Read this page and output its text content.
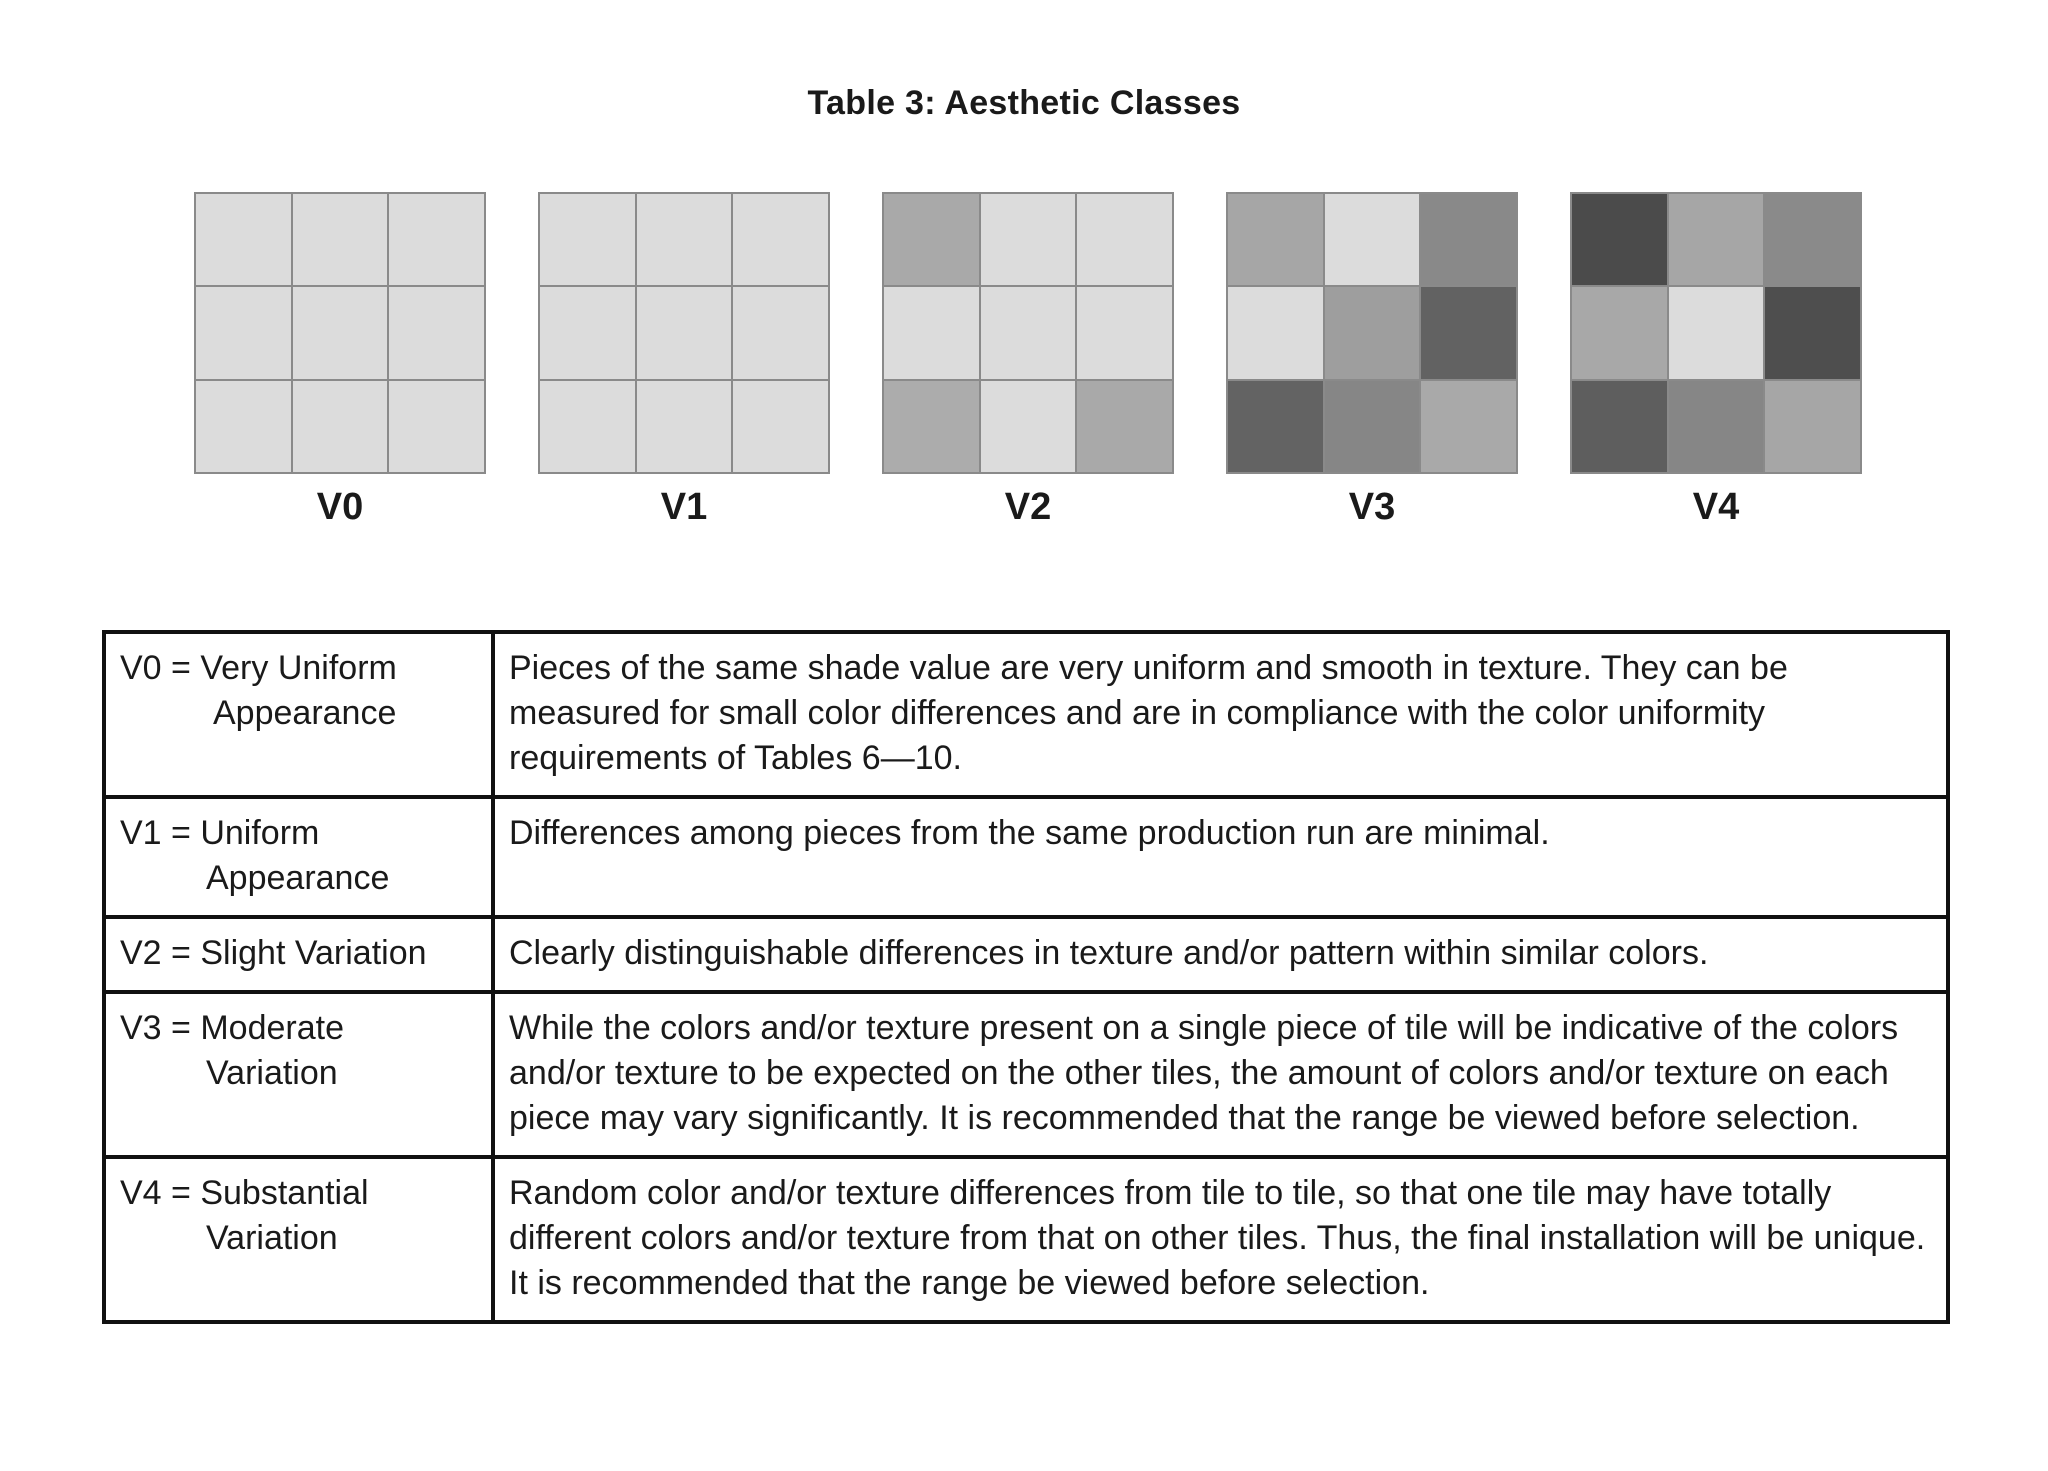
Table 3: Aesthetic Classes
V0	V1	V2	V3	V4
V0 = Very Uniform
Appearance	Pieces of the same shade value are very uniform and smooth in texture. They can be measured for small color differences and are in compliance with the color uniformity requirements of Tables 6—10.
V1 = Uniform
Appearance	Differences among pieces from the same production run are minimal.
V2 = Slight Variation	Clearly distinguishable differences in texture and/or pattern within similar colors.
V3 = Moderate
Variation	While the colors and/or texture present on a single piece of tile will be indicative of the colors and/or texture to be expected on the other tiles, the amount of colors and/or texture on each piece may vary significantly. It is recommended that the range be viewed before selection.
V4 = Substantial
Variation	Random color and/or texture differences from tile to tile, so that one tile may have totally different colors and/or texture from that on other tiles. Thus, the final installation will be unique. It is recommended that the range be viewed before selection.
